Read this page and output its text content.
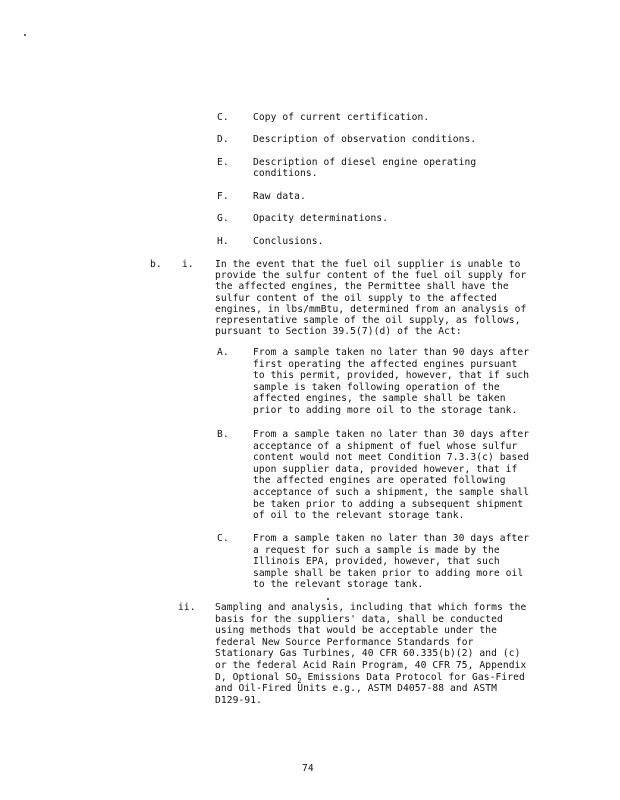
C.	Copy of current certification.
D.	Description of observation conditions.
E.	Description of diesel engine operating
conditions.
F.	Raw data.
G.	Opacity determinations.
H.	Conclusions.
b. i. In the event that the fuel oil supplier is unable to
provide the sulfur content of the fuel oil supply for
the affected engines, the Permittee shall have the
sulfur content of the oil supply to the affected
engines, in lbs/mmBtu, determined from an analysis of
representative sample of the oil supply, as follows,
pursuant to Section 39.5(7)(d) of the Act:
A.	From a sample taken no later than 90 days after
first operating the affected engines pursuant
to this permit, provided, however, that if such
sample is taken following operation of the
affected engines, the sample shall be taken
prior to adding more oil to the storage tank.
B.	From a sample taken no later than 30 days after
acceptance of a shipment of fuel whose sulfur
content would not meet Condition 7.3.3(c) based
upon supplier data, provided however, that if
the affected engines are operated following
acceptance of such a shipment, the sample shall
be taken prior to adding a subsequent shipment
of oil to the relevant storage tank.
C.	From a sample taken no later than 30 days after
a request for such a sample is made by the
Illinois EPA, provided, however, that such
sample shall be taken prior to adding more oil
to the relevant storage tank.
ii. Sampling and analysis, including that which forms the
basis for the suppliers' data, shall be conducted
using methods that would be acceptable under the
federal New Source Performance Standards for
Stationary Gas Turbines, 40 CFR 60.335(b)(2) and (c)
or the federal Acid Rain Program, 40 CFR 75, Appendix
D, Optional $SO_2$ Emissions Data Protocol for Gas-Fired
and Oil-Fired Units e.g., ASTM D4057-88 and ASTM
D129-91.
74
